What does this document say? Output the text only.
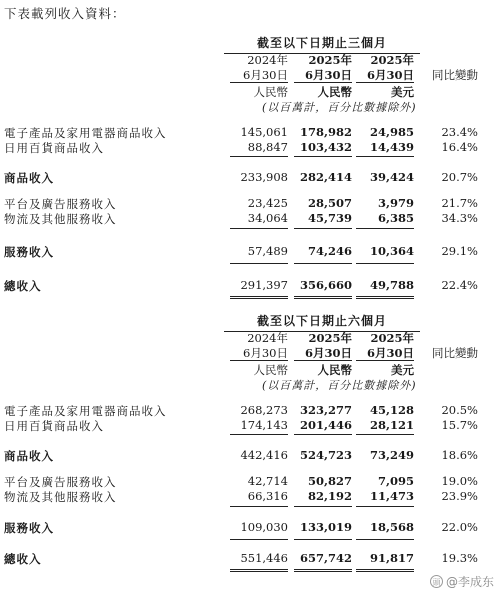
下表載列收入資料：
截至以下日期止三個月
2024年	2025年	2025年
6月30日	6月30日	6月30日	同比變動
人民幣	人民幣	美元
(以百萬計，百分比數據除外)
電子產品及家用電器商品收入	145,061	178,982	24,985	23.4%
日用百貨商品收入	88,847	103,432	14,439	16.4%
商品收入	233,908	282,414	39,424	20.7%
平台及廣告服務收入	23,425	28,507	3,979	21.7%
物流及其他服務收入	34,064	45,739	6,385	34.3%
服務收入	57,489	74,246	10,364	29.1%
總收入	291,397	356,660	49,788	22.4%
截至以下日期止六個月
2024年	2025年	2025年
6月30日	6月30日	6月30日	同比變動
人民幣	人民幣	美元
(以百萬計，百分比數據除外)
電子產品及家用電器商品收入	268,273	323,277	45,128	20.5%
日用百貨商品收入	174,143	201,446	28,121	15.7%
商品收入	442,416	524,723	73,249	18.6%
平台及廣告服務收入	42,714	50,827	7,095	19.0%
物流及其他服務收入	66,316	82,192	11,473	23.9%
服務收入	109,030	133,019	18,568	22.0%
總收入	551,446	657,742	91,817	19.3%
頭 @李成东
